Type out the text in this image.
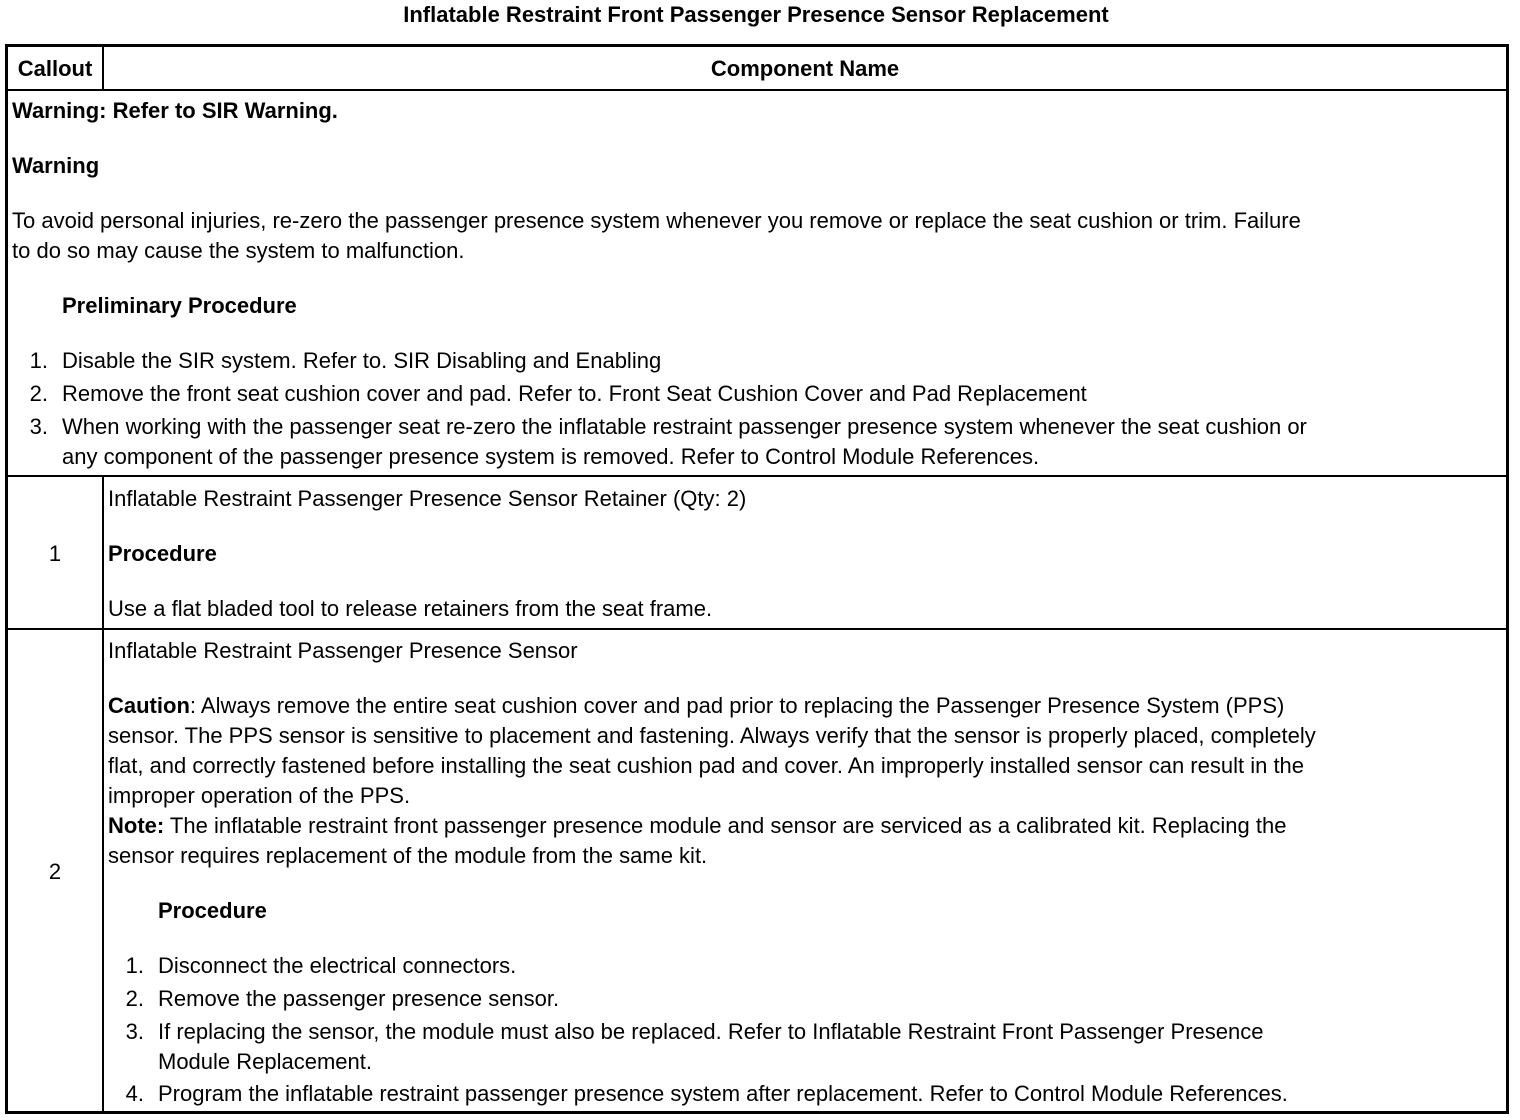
Inflatable Restraint Front Passenger Presence Sensor Replacement
Callout	Component Name
Warning: Refer to SIR Warning.
Warning
To avoid personal injuries, re-zero the passenger presence system whenever you remove or replace the seat cushion or trim. Failure
to do so may cause the system to malfunction.
Preliminary Procedure
1. Disable the SIR system. Refer to. SIR Disabling and Enabling
2. Remove the front seat cushion cover and pad. Refer to. Front Seat Cushion Cover and Pad Replacement
3. When working with the passenger seat re-zero the inflatable restraint passenger presence system whenever the seat cushion or
any component of the passenger presence system is removed. Refer to Control Module References.
1
Inflatable Restraint Passenger Presence Sensor Retainer (Qty: 2)
Procedure
Use a flat bladed tool to release retainers from the seat frame.
2
Inflatable Restraint Passenger Presence Sensor
Caution: Always remove the entire seat cushion cover and pad prior to replacing the Passenger Presence System (PPS)
sensor. The PPS sensor is sensitive to placement and fastening. Always verify that the sensor is properly placed, completely
flat, and correctly fastened before installing the seat cushion pad and cover. An improperly installed sensor can result in the
improper operation of the PPS.
Note: The inflatable restraint front passenger presence module and sensor are serviced as a calibrated kit. Replacing the
sensor requires replacement of the module from the same kit.
Procedure
1. Disconnect the electrical connectors.
2. Remove the passenger presence sensor.
3. If replacing the sensor, the module must also be replaced. Refer to Inflatable Restraint Front Passenger Presence
Module Replacement.
4. Program the inflatable restraint passenger presence system after replacement. Refer to Control Module References.
